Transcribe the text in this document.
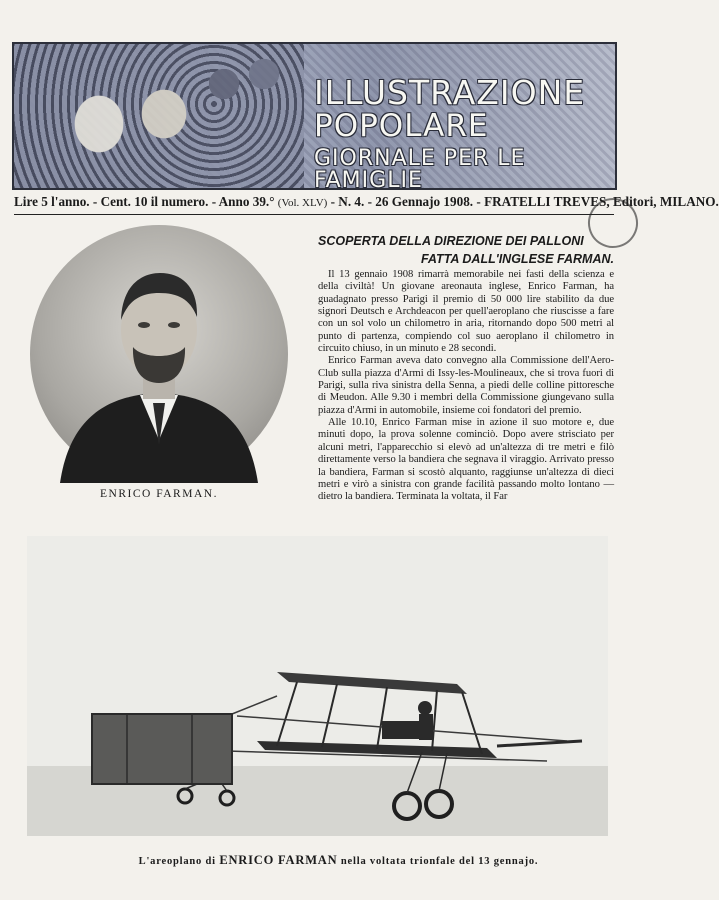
ILLUSTRAZIONE
POPOLARE
GIORNALE PER LE FAMIGLIE
Lire 5 l'anno. - Cent. 10 il numero. - Anno 39.° (Vol. XLV) - N. 4. - 26 Gennajo 1908. - FRATELLI TREVES, Editori, MILANO.
ENRICO FARMAN.
SCOPERTA DELLA DIREZIONE DEI PALLONI
FATTA DALL'INGLESE FARMAN.

Il 13 gennaio 1908 rimarrà memorabile nei fasti della scienza e della civiltà! Un giovane areonauta inglese, Enrico Farman, ha guadagnato presso Parigi il premio di 50 000 lire stabilito da due signori Deutsch e Archdeacon per quell'aeroplano che riuscisse a fare con un sol volo un chilometro in aria, ritornando dopo 500 metri al punto di partenza, compiendo col suo aeroplano il chilometro in circuito chiuso, in un minuto e 28 secondi.

Enrico Farman aveva dato convegno alla Commissione dell'Aero-Club sulla piazza d'Armi di Issy-les-Moulineaux, che si trova fuori di Parigi, sulla riva sinistra della Senna, a piedi delle colline pittoresche di Meudon. Alle 9.30 i membri della Commissione giungevano sulla piazza d'Armi in automobile, insieme coi fondatori del premio.

Alle 10.10, Enrico Farman mise in azione il suo motore e, due minuti dopo, la prova solenne cominciò. Dopo avere strisciato per alcuni metri, l'apparecchio si elevò ad un'altezza di tre metri e filò direttamente verso la bandiera che segnava il viraggio. Arrivato presso la bandiera, Farman si scostò alquanto, raggiunse un'altezza di dieci metri e virò a sinistra con grande facilità passando molto lontano — dietro la bandiera. Terminata la voltata, il Far

L'areoplano di ENRICO FARMAN nella voltata trionfale del 13 gennajo.
